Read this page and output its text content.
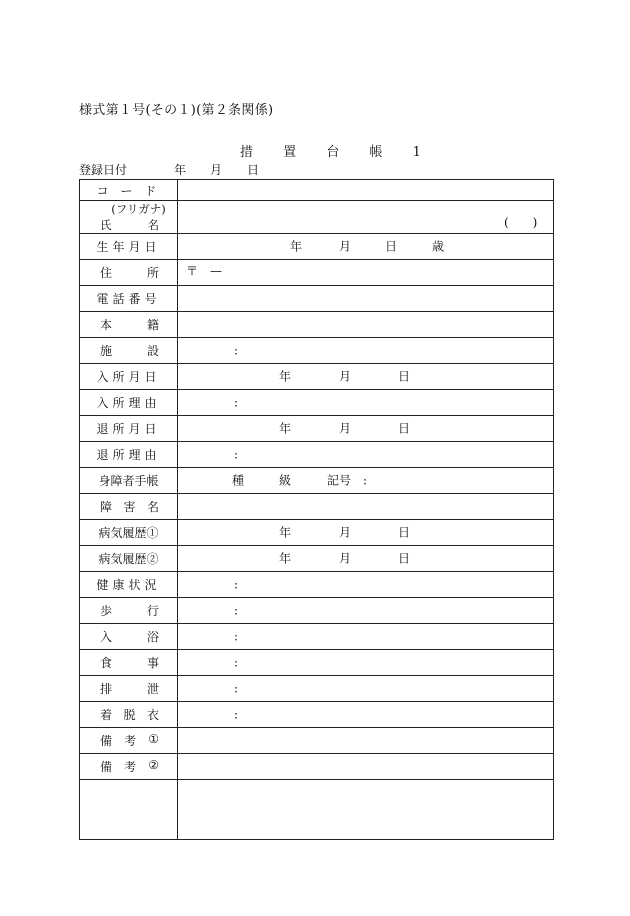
様式第１号(その１)(第２条関係)
措 置 台 帳 1
登録日付	年 月 日
コ ー ド	

(フリガナ)
氏 名	(　　)

生年月日	年 月 日 歳

住 所	〒　—

電話番号	

本 籍	

施 設	:

入所月日	年 月 日

入所理由	:

退所月日	年 月 日

退所理由	:

身障者手帳	種 級 記号　:

障 害 名	

病気履歴①	年 月 日

病気履歴②	年 月 日

健康状況	:

歩 行	:

入 浴	:

食 事	:

排 泄	:

着 脱 衣	:

備 考 ①	

備 考 ②	
